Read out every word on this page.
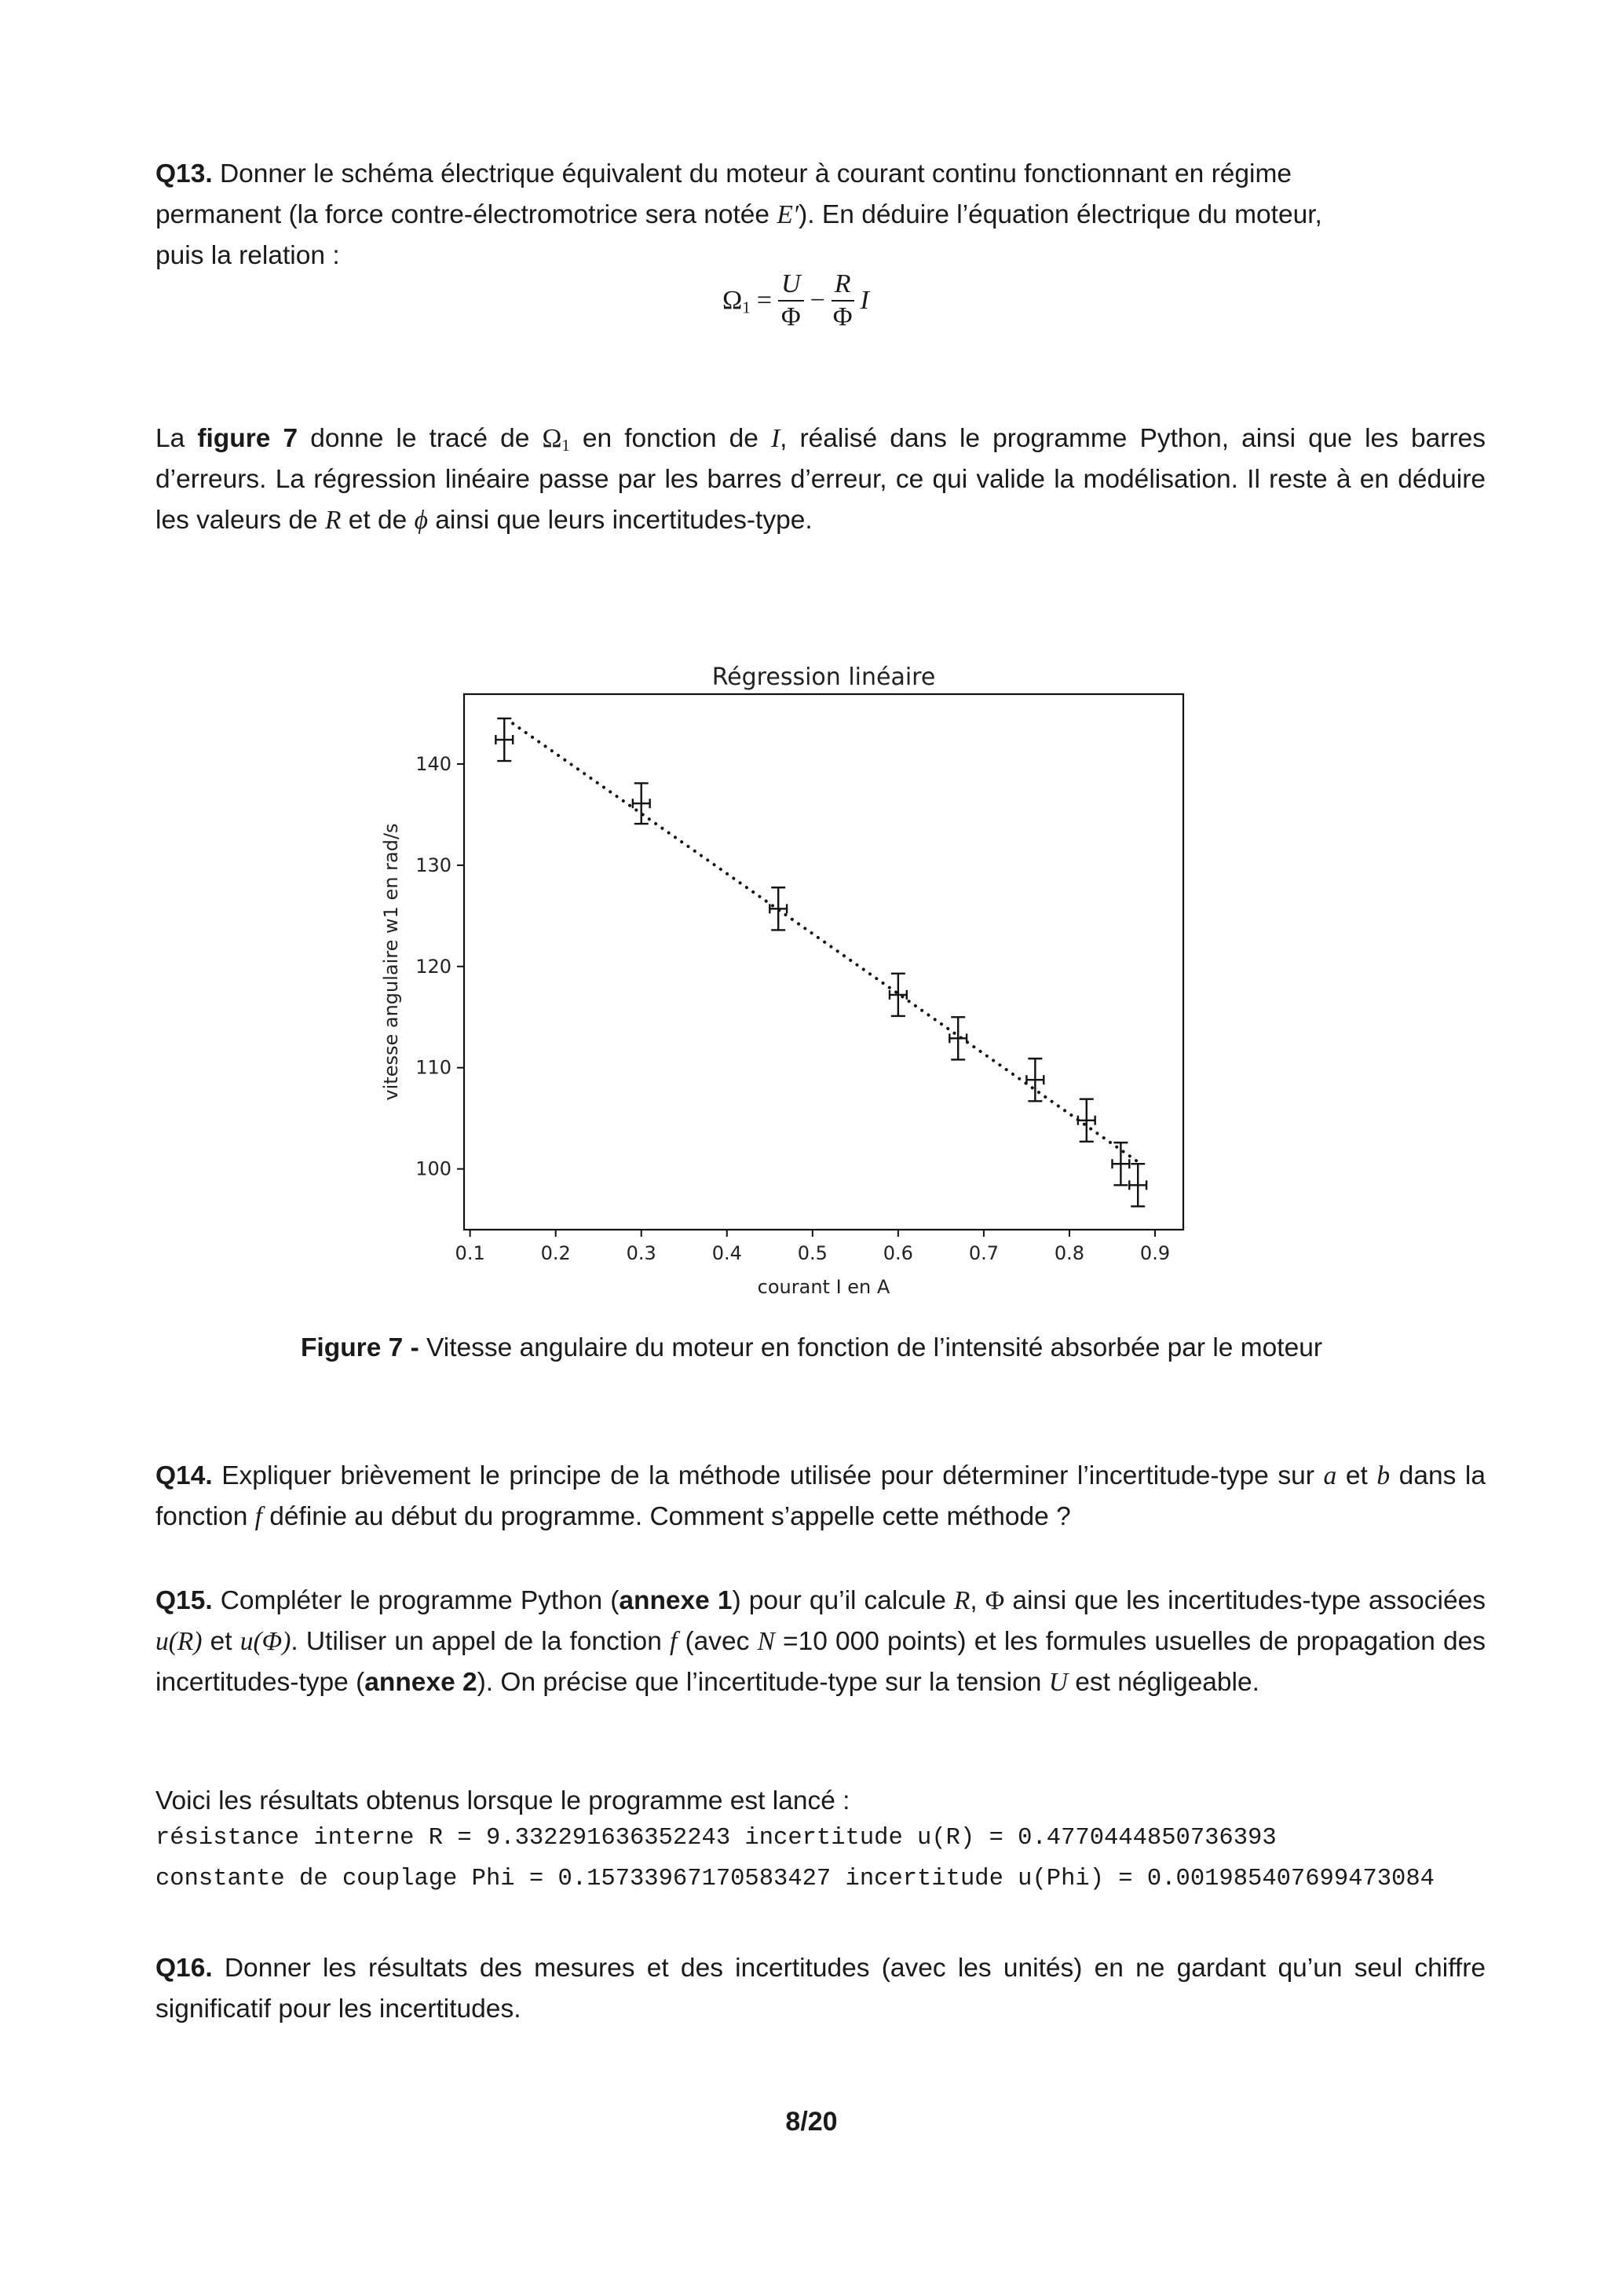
Q13. Donner le schéma électrique équivalent du moteur à courant continu fonctionnant en régime
permanent (la force contre-électromotrice sera notée E′). En déduire l’équation électrique du moteur,
puis la relation :
$\Omega_1 = \frac{U}{\Phi} - \frac{R}{\Phi}$ I
La figure 7 donne le tracé de $\Omega_1$ en fonction de I, réalisé dans le programme Python, ainsi que les barres d’erreurs. La régression linéaire passe par les barres d’erreur, ce qui valide la modélisation. Il reste à en déduire les valeurs de R et de ϕ ainsi que leurs incertitudes-type.
Régression linéaire
0.1	0.2	0.3	0.4	0.5	0.6	0.7	0.8	0.9
100
110
120
130
140
courant I en A
vitesse angulaire w1 en rad/s
Figure 7 - Vitesse angulaire du moteur en fonction de l’intensité absorbée par le moteur
Q14. Expliquer brièvement le principe de la méthode utilisée pour déterminer l’incertitude-type sur a et b dans la fonction f définie au début du programme. Comment s’appelle cette méthode ?
Q15. Compléter le programme Python (annexe 1) pour qu’il calcule R, Φ ainsi que les incertitudes-type associées u(R) et u(Φ). Utiliser un appel de la fonction f (avec N =10 000 points) et les formules usuelles de propagation des incertitudes-type (annexe 2). On précise que l’incertitude-type sur la tension U est négligeable.
Voici les résultats obtenus lorsque le programme est lancé :
résistance interne R = 9.332291636352243 incertitude u(R) = 0.4770444850736393
constante de couplage Phi = 0.15733967170583427 incertitude u(Phi) = 0.001985407699473084
Q16. Donner les résultats des mesures et des incertitudes (avec les unités) en ne gardant qu’un seul chiffre significatif pour les incertitudes.
8/20
